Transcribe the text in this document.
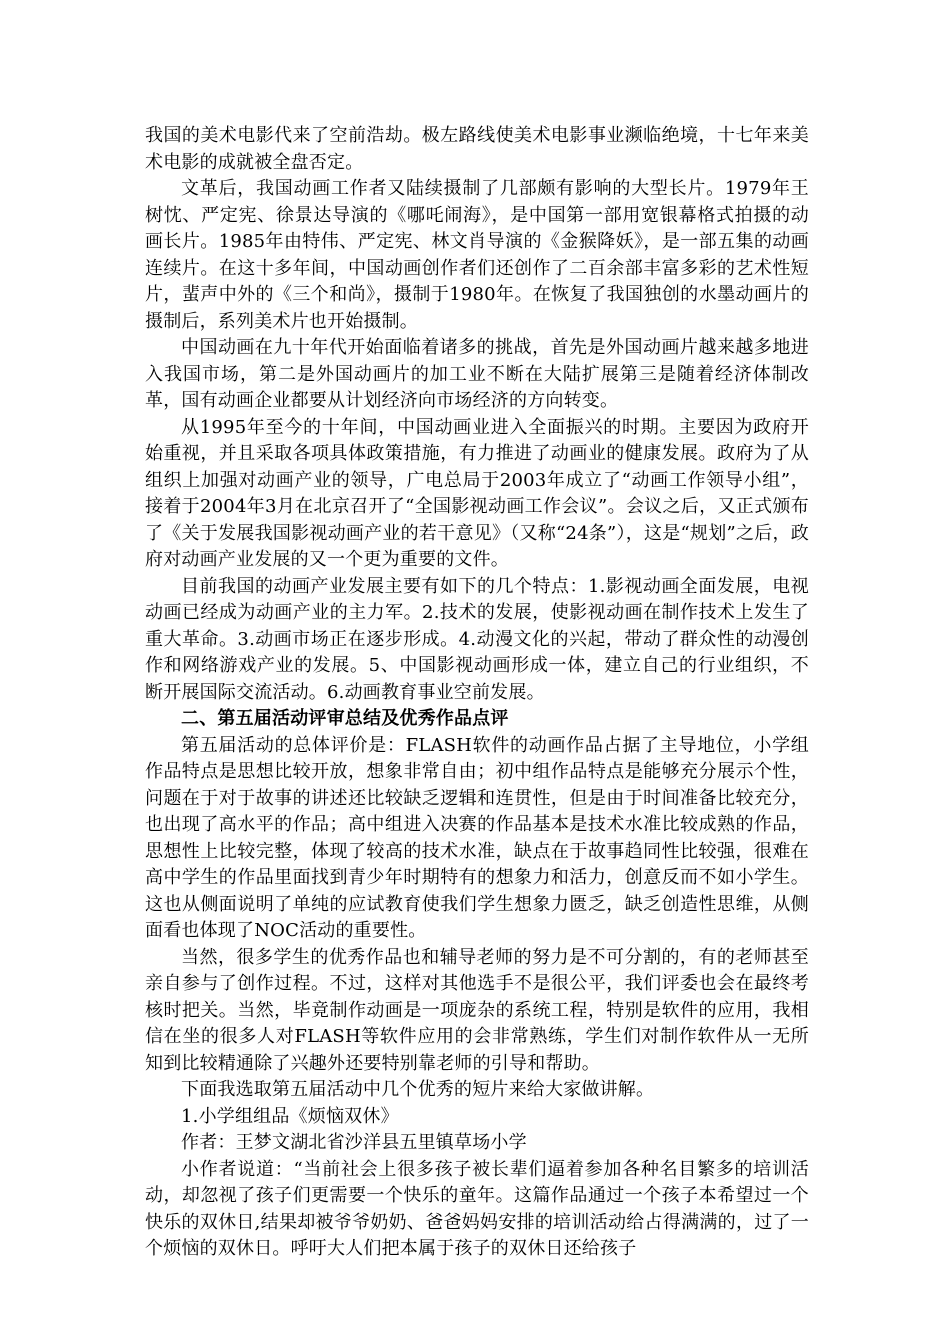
我国的美术电影代来了空前浩劫。极左路线使美术电影事业濒临绝境，十七年来美术电影的成就被全盘否定。

文革后，我国动画工作者又陆续摄制了几部颇有影响的大型长片。1979年王树忱、严定宪、徐景达导演的《哪吒闹海》，是中国第一部用宽银幕格式拍摄的动画长片。1985年由特伟、严定宪、林文肖导演的《金猴降妖》，是一部五集的动画连续片。在这十多年间，中国动画创作者们还创作了二百余部丰富多彩的艺术性短片，蜚声中外的《三个和尚》，摄制于1980年。在恢复了我国独创的水墨动画片的摄制后，系列美术片也开始摄制。

中国动画在九十年代开始面临着诸多的挑战，首先是外国动画片越来越多地进入我国市场，第二是外国动画片的加工业不断在大陆扩展第三是随着经济体制改革，国有动画企业都要从计划经济向市场经济的方向转变。

从1995年至今的十年间，中国动画业进入全面振兴的时期。主要因为政府开始重视，并且采取各项具体政策措施，有力推进了动画业的健康发展。政府为了从组织上加强对动画产业的领导，广电总局于2003年成立了“动画工作领导小组”，接着于2004年3月在北京召开了“全国影视动画工作会议”。会议之后，又正式颁布了《关于发展我国影视动画产业的若干意见》（又称“24条”），这是“规划”之后，政府对动画产业发展的又一个更为重要的文件。

目前我国的动画产业发展主要有如下的几个特点：1.影视动画全面发展，电视动画已经成为动画产业的主力军。2.技术的发展，使影视动画在制作技术上发生了重大革命。3.动画市场正在逐步形成。4.动漫文化的兴起，带动了群众性的动漫创作和网络游戏产业的发展。5、中国影视动画形成一体，建立自己的行业组织，不断开展国际交流活动。6.动画教育事业空前发展。

二、第五届活动评审总结及优秀作品点评

第五届活动的总体评价是：FLASH软件的动画作品占据了主导地位，小学组作品特点是思想比较开放，想象非常自由；初中组作品特点是能够充分展示个性，问题在于对于故事的讲述还比较缺乏逻辑和连贯性，但是由于时间准备比较充分，也出现了高水平的作品；高中组进入决赛的作品基本是技术水准比较成熟的作品，思想性上比较完整，体现了较高的技术水准，缺点在于故事趋同性比较强，很难在高中学生的作品里面找到青少年时期特有的想象力和活力，创意反而不如小学生。这也从侧面说明了单纯的应试教育使我们学生想象力匮乏，缺乏创造性思维，从侧面看也体现了NOC活动的重要性。

当然，很多学生的优秀作品也和辅导老师的努力是不可分割的，有的老师甚至亲自参与了创作过程。不过，这样对其他选手不是很公平，我们评委也会在最终考核时把关。当然，毕竟制作动画是一项庞杂的系统工程，特别是软件的应用，我相信在坐的很多人对FLASH等软件应用的会非常熟练，学生们对制作软件从一无所知到比较精通除了兴趣外还要特别靠老师的引导和帮助。

下面我选取第五届活动中几个优秀的短片来给大家做讲解。

1.小学组组品《烦恼双休》

作者：王梦文湖北省沙洋县五里镇草场小学

小作者说道：“当前社会上很多孩子被长辈们逼着参加各种名目繁多的培训活动，却忽视了孩子们更需要一个快乐的童年。这篇作品通过一个孩子本希望过一个快乐的双休日,结果却被爷爷奶奶、爸爸妈妈安排的培训活动给占得满满的，过了一个烦恼的双休日。呼吁大人们把本属于孩子的双休日还给孩子
